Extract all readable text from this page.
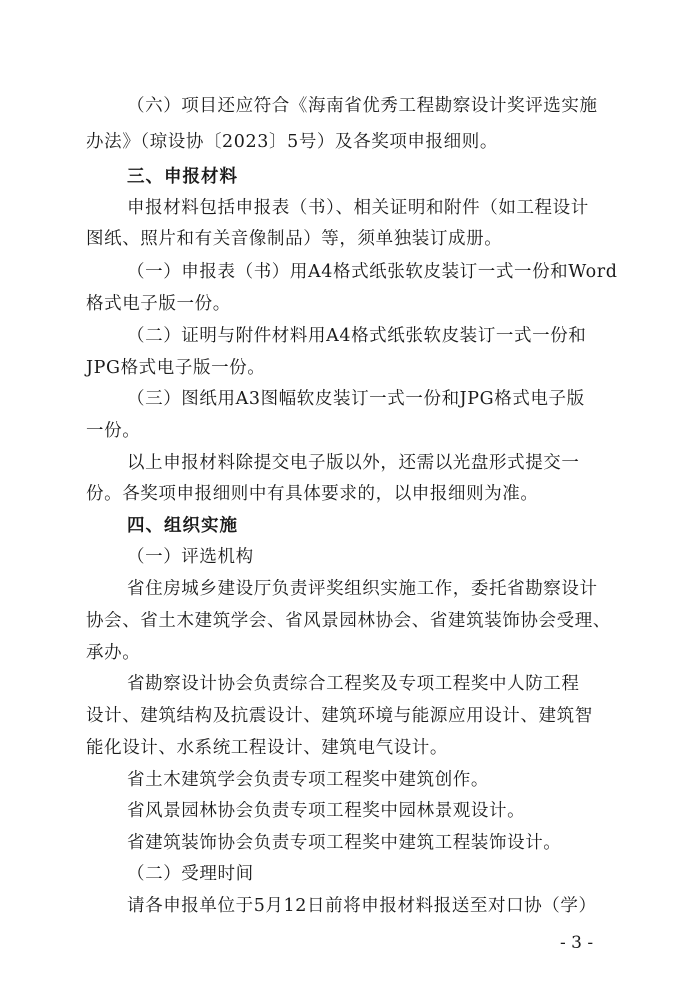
（六）项目还应符合《海南省优秀工程勘察设计奖评选实施
办法》（琼设协〔2023〕5号）及各奖项申报细则。
三、申报材料
申报材料包括申报表（书）、相关证明和附件（如工程设计
图纸、照片和有关音像制品）等，须单独装订成册。
（一）申报表（书）用A4格式纸张软皮装订一式一份和Word
格式电子版一份。
（二）证明与附件材料用A4格式纸张软皮装订一式一份和
JPG格式电子版一份。
（三）图纸用A3图幅软皮装订一式一份和JPG格式电子版
一份。
以上申报材料除提交电子版以外，还需以光盘形式提交一
份。各奖项申报细则中有具体要求的，以申报细则为准。
四、组织实施
（一）评选机构
省住房城乡建设厅负责评奖组织实施工作，委托省勘察设计
协会、省土木建筑学会、省风景园林协会、省建筑装饰协会受理、
承办。
省勘察设计协会负责综合工程奖及专项工程奖中人防工程
设计、建筑结构及抗震设计、建筑环境与能源应用设计、建筑智
能化设计、水系统工程设计、建筑电气设计。
省土木建筑学会负责专项工程奖中建筑创作。
省风景园林协会负责专项工程奖中园林景观设计。
省建筑装饰协会负责专项工程奖中建筑工程装饰设计。
（二）受理时间
请各申报单位于5月12日前将申报材料报送至对口协（学）
- 3 -
